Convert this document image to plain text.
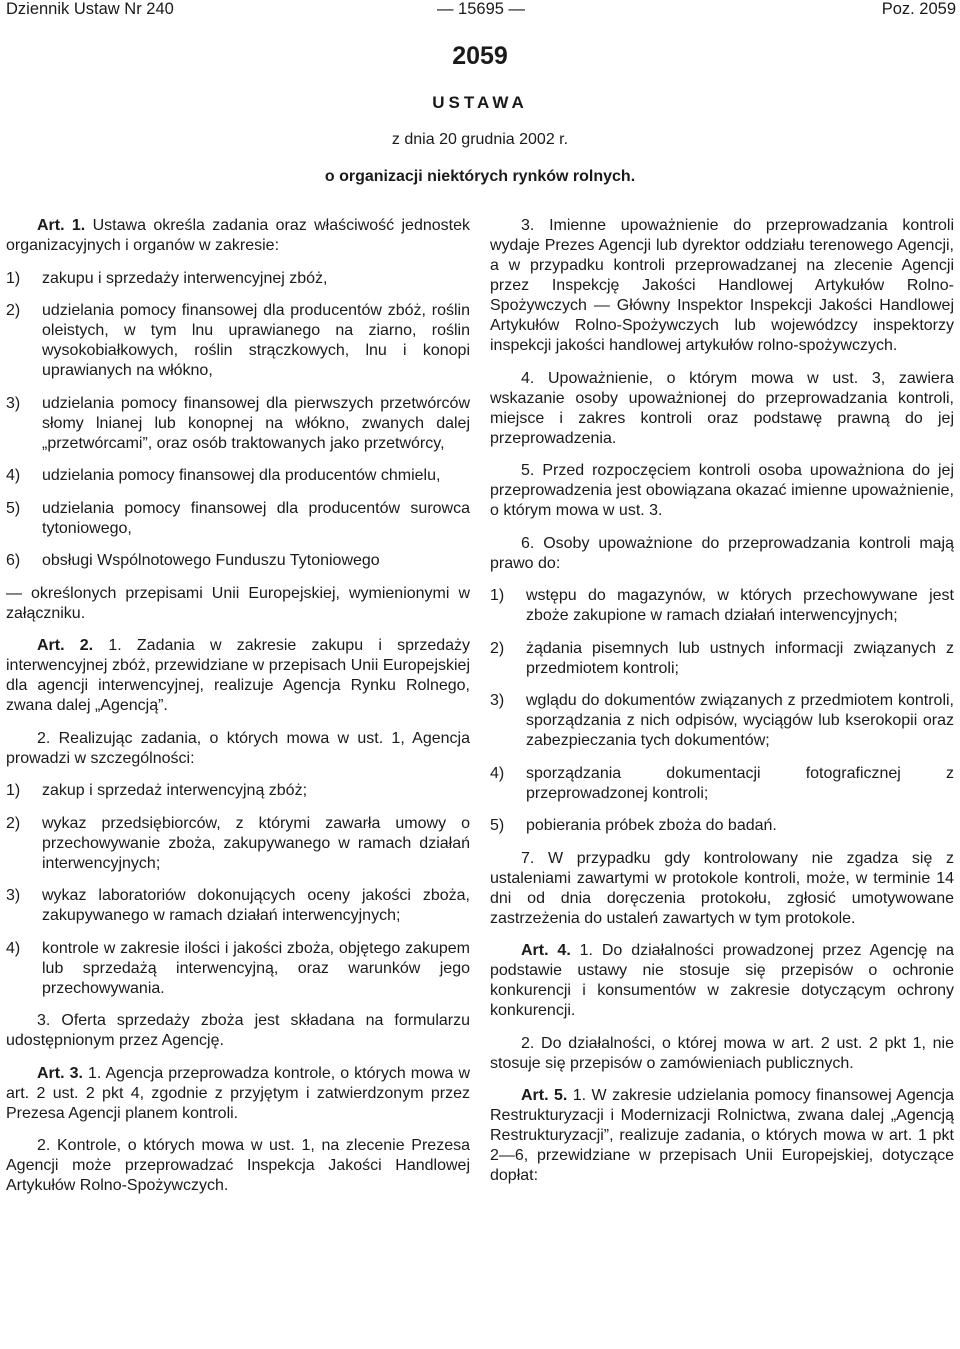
Dziennik Ustaw Nr 240	— 15695 —	Poz. 2059
2059
USTAWA
z dnia 20 grudnia 2002 r.
o organizacji niektórych rynków rolnych.

Art. 1. Ustawa określa zadania oraz właściwość jednostek organizacyjnych i organów w zakresie:

1)	zakupu i sprzedaży interwencyjnej zbóż,
2)	udzielania pomocy finansowej dla producentów zbóż, roślin oleistych, w tym lnu uprawianego na ziarno, roślin wysokobiałkowych, roślin strączkowych, lnu i konopi uprawianych na włókno,
3)	udzielania pomocy finansowej dla pierwszych przetwórców słomy lnianej lub konopnej na włókno, zwanych dalej „przetwórcami”, oraz osób traktowanych jako przetwórcy,
4)	udzielania pomocy finansowej dla producentów chmielu,
5)	udzielania pomocy finansowej dla producentów surowca tytoniowego,
6)	obsługi Wspólnotowego Funduszu Tytoniowego

— określonych przepisami Unii Europejskiej, wymienionymi w załączniku.

Art. 2. 1. Zadania w zakresie zakupu i sprzedaży interwencyjnej zbóż, przewidziane w przepisach Unii Europejskiej dla agencji interwencyjnej, realizuje Agencja Rynku Rolnego, zwana dalej „Agencją”.

2. Realizując zadania, o których mowa w ust. 1, Agencja prowadzi w szczególności:

1)	zakup i sprzedaż interwencyjną zbóż;
2)	wykaz przedsiębiorców, z którymi zawarła umowy o przechowywanie zboża, zakupywanego w ramach działań interwencyjnych;
3)	wykaz laboratoriów dokonujących oceny jakości zboża, zakupywanego w ramach działań interwencyjnych;
4)	kontrole w zakresie ilości i jakości zboża, objętego zakupem lub sprzedażą interwencyjną, oraz warunków jego przechowywania.

3. Oferta sprzedaży zboża jest składana na formularzu udostępnionym przez Agencję.

Art. 3. 1. Agencja przeprowadza kontrole, o których mowa w art. 2 ust. 2 pkt 4, zgodnie z przyjętym i zatwierdzonym przez Prezesa Agencji planem kontroli.

2. Kontrole, o których mowa w ust. 1, na zlecenie Prezesa Agencji może przeprowadzać Inspekcja Jakości Handlowej Artykułów Rolno-Spożywczych.

3. Imienne upoważnienie do przeprowadzania kontroli wydaje Prezes Agencji lub dyrektor oddziału terenowego Agencji, a w przypadku kontroli przeprowadzanej na zlecenie Agencji przez Inspekcję Jakości Handlowej Artykułów Rolno-Spożywczych — Główny Inspektor Inspekcji Jakości Handlowej Artykułów Rolno-Spożywczych lub wojewódzcy inspektorzy inspekcji jakości handlowej artykułów rolno-spożywczych.

4. Upoważnienie, o którym mowa w ust. 3, zawiera wskazanie osoby upoważnionej do przeprowadzania kontroli, miejsce i zakres kontroli oraz podstawę prawną do jej przeprowadzenia.

5. Przed rozpoczęciem kontroli osoba upoważniona do jej przeprowadzenia jest obowiązana okazać imienne upoważnienie, o którym mowa w ust. 3.

6. Osoby upoważnione do przeprowadzania kontroli mają prawo do:

1)	wstępu do magazynów, w których przechowywane jest zboże zakupione w ramach działań interwencyjnych;
2)	żądania pisemnych lub ustnych informacji związanych z przedmiotem kontroli;
3)	wglądu do dokumentów związanych z przedmiotem kontroli, sporządzania z nich odpisów, wyciągów lub kserokopii oraz zabezpieczania tych dokumentów;
4)	sporządzania dokumentacji fotograficznej z przeprowadzonej kontroli;
5)	pobierania próbek zboża do badań.

7. W przypadku gdy kontrolowany nie zgadza się z ustaleniami zawartymi w protokole kontroli, może, w terminie 14 dni od dnia doręczenia protokołu, zgłosić umotywowane zastrzeżenia do ustaleń zawartych w tym protokole.

Art. 4. 1. Do działalności prowadzonej przez Agencję na podstawie ustawy nie stosuje się przepisów o ochronie konkurencji i konsumentów w zakresie dotyczącym ochrony konkurencji.

2. Do działalności, o której mowa w art. 2 ust. 2 pkt 1, nie stosuje się przepisów o zamówieniach publicznych.

Art. 5. 1. W zakresie udzielania pomocy finansowej Agencja Restrukturyzacji i Modernizacji Rolnictwa, zwana dalej „Agencją Restrukturyzacji”, realizuje zadania, o których mowa w art. 1 pkt 2—6, przewidziane w przepisach Unii Europejskiej, dotyczące dopłat:
